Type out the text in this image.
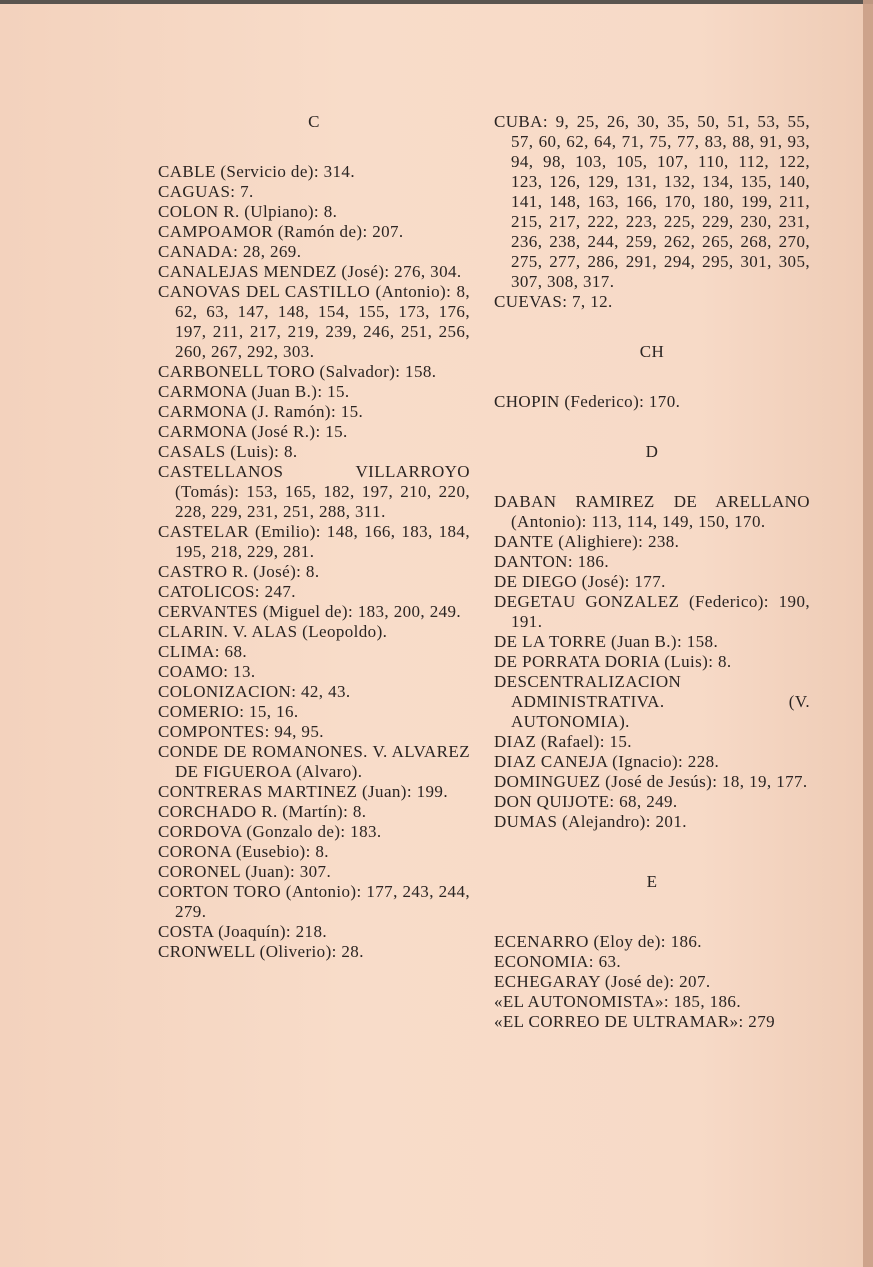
C

CABLE (Servicio de): 314.

CAGUAS: 7.

COLON R. (Ulpiano): 8.

CAMPOAMOR (Ramón de): 207.

CANADA: 28, 269.

CANALEJAS MENDEZ (José): 276, 304.

CANOVAS DEL CASTILLO (Antonio): 8, 62, 63, 147, 148, 154, 155, 173, 176, 197, 211, 217, 219, 239, 246, 251, 256, 260, 267, 292, 303.

CARBONELL TORO (Salvador): 158.

CARMONA (Juan B.): 15.

CARMONA (J. Ramón): 15.

CARMONA (José R.): 15.

CASALS (Luis): 8.

CASTELLANOS VILLARROYO (Tomás): 153, 165, 182, 197, 210, 220, 228, 229, 231, 251, 288, 311.

CASTELAR (Emilio): 148, 166, 183, 184, 195, 218, 229, 281.

CASTRO R. (José): 8.

CATOLICOS: 247.

CERVANTES (Miguel de): 183, 200, 249.

CLARIN. V. ALAS (Leopoldo).

CLIMA: 68.

COAMO: 13.

COLONIZACION: 42, 43.

COMERIO: 15, 16.

COMPONTES: 94, 95.

CONDE DE ROMANONES. V. ALVAREZ DE FIGUEROA (Alvaro).

CONTRERAS MARTINEZ (Juan): 199.

CORCHADO R. (Martín): 8.

CORDOVA (Gonzalo de): 183.

CORONA (Eusebio): 8.

CORONEL (Juan): 307.

CORTON TORO (Antonio): 177, 243, 244, 279.

COSTA (Joaquín): 218.

CRONWELL (Oliverio): 28.

CUBA: 9, 25, 26, 30, 35, 50, 51, 53, 55, 57, 60, 62, 64, 71, 75, 77, 83, 88, 91, 93, 94, 98, 103, 105, 107, 110, 112, 122, 123, 126, 129, 131, 132, 134, 135, 140, 141, 148, 163, 166, 170, 180, 199, 211, 215, 217, 222, 223, 225, 229, 230, 231, 236, 238, 244, 259, 262, 265, 268, 270, 275, 277, 286, 291, 294, 295, 301, 305, 307, 308, 317.

CUEVAS: 7, 12.

CH

CHOPIN (Federico): 170.

D

DABAN RAMIREZ DE ARELLANO (Antonio): 113, 114, 149, 150, 170.

DANTE (Alighiere): 238.

DANTON: 186.

DE DIEGO (José): 177.

DEGETAU GONZALEZ (Federico): 190, 191.

DE LA TORRE (Juan B.): 158.

DE PORRATA DORIA (Luis): 8.

DESCENTRALIZACION ADMINISTRATIVA. (V. AUTONOMIA).

DIAZ (Rafael): 15.

DIAZ CANEJA (Ignacio): 228.

DOMINGUEZ (José de Jesús): 18, 19, 177.

DON QUIJOTE: 68, 249.

DUMAS (Alejandro): 201.

E

ECENARRO (Eloy de): 186.

ECONOMIA: 63.

ECHEGARAY (José de): 207.

«EL AUTONOMISTA»: 185, 186.

«EL CORREO DE ULTRAMAR»: 279
